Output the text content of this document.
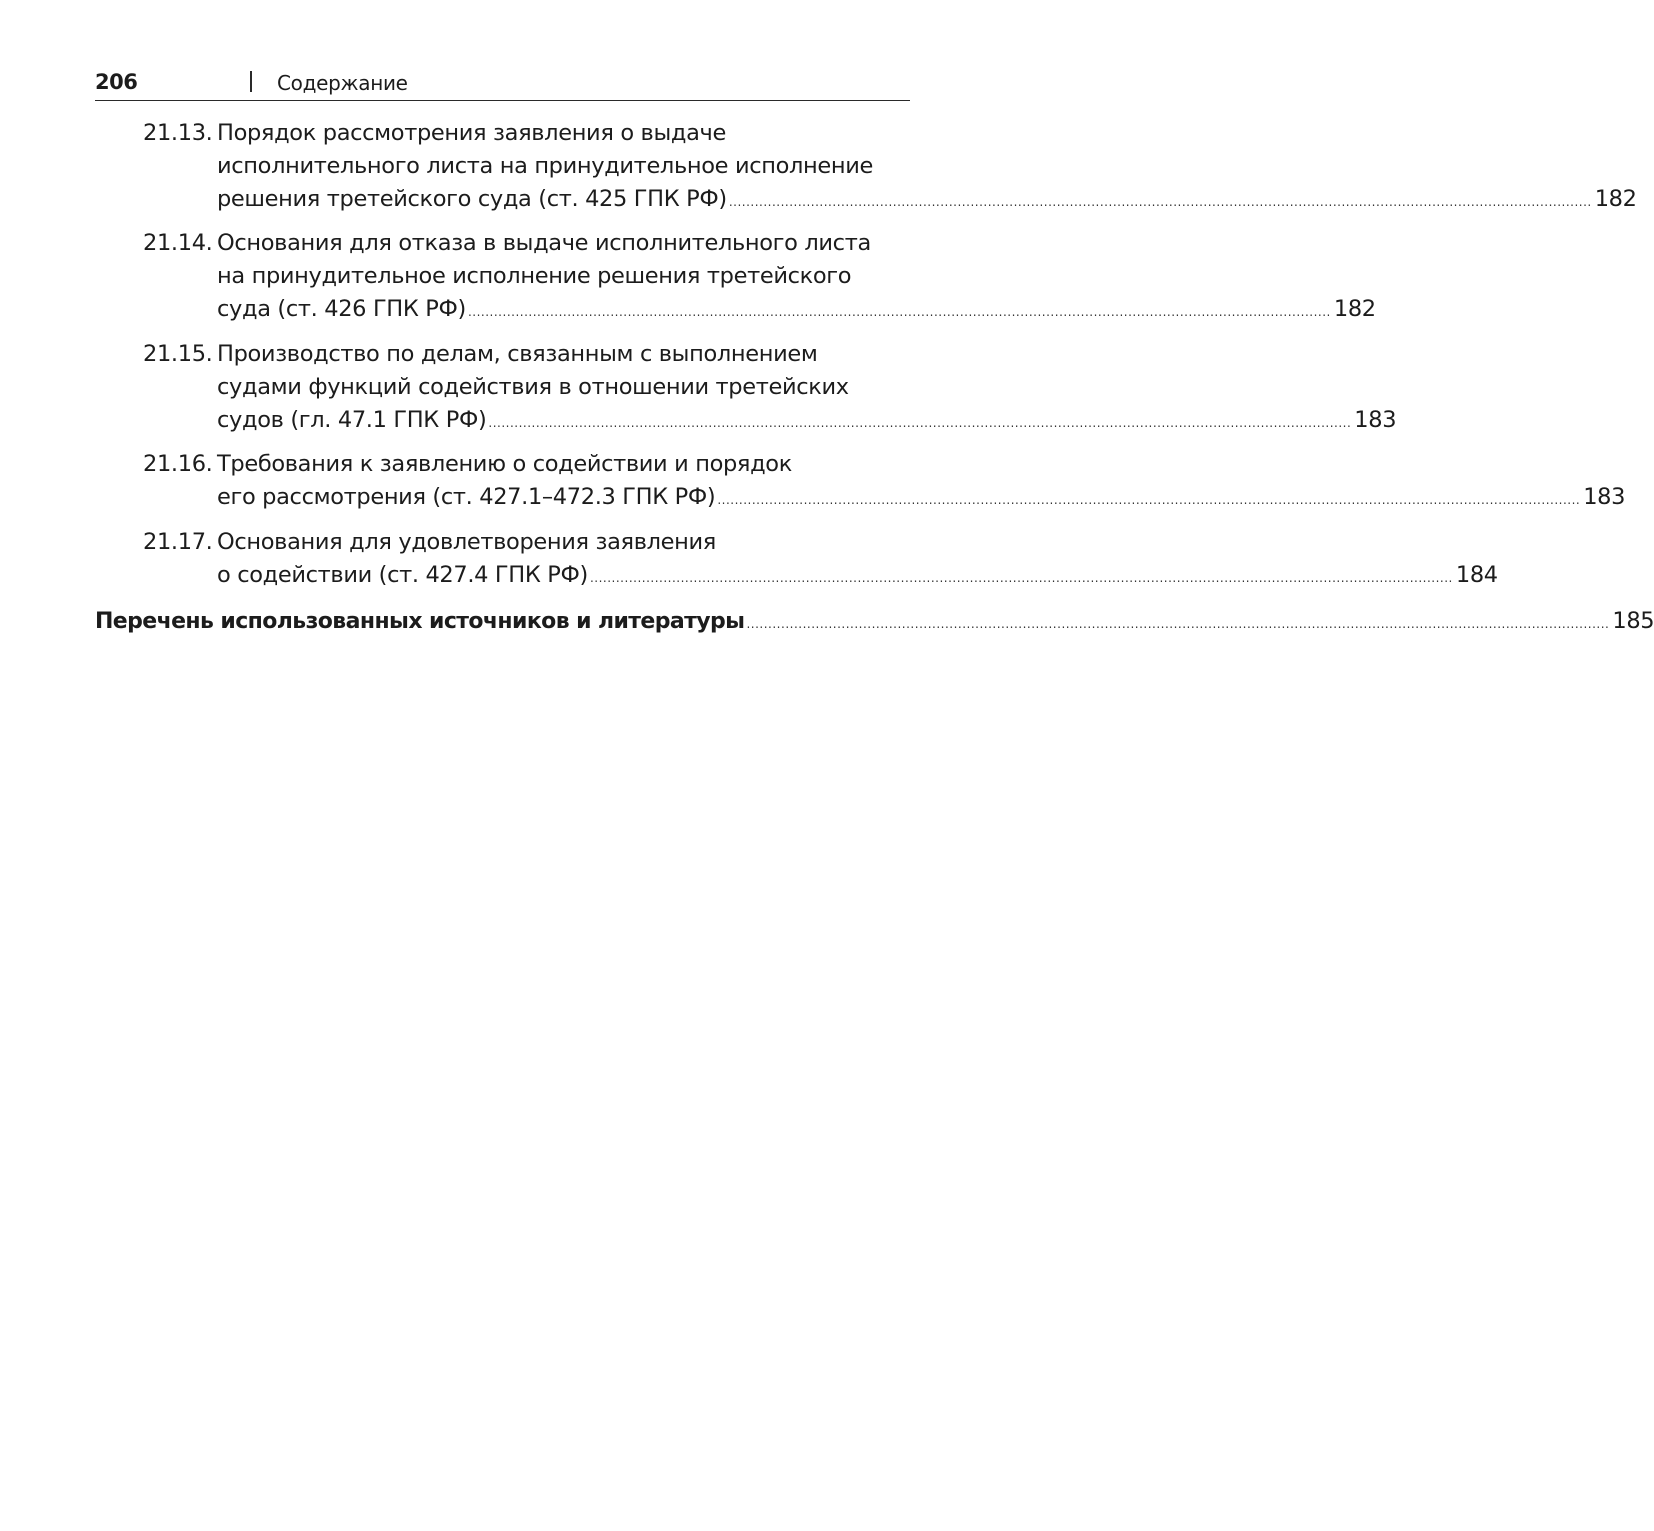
206	Содержание
21.13. Порядок рассмотрения заявления о выдаче
исполнительного листа на принудительное исполнение
решения третейского суда (ст. 425 ГПК РФ) ........................................................................................................................................................................................................ 182
21.14. Основания для отказа в выдаче исполнительного листа
на принудительное исполнение решения третейского
суда (ст. 426 ГПК РФ) ........................................................................................................................................................................................................ 182
21.15. Производство по делам, связанным с выполнением
судами функций содействия в отношении третейских
судов (гл. 47.1 ГПК РФ) ........................................................................................................................................................................................................ 183
21.16. Требования к заявлению о содействии и порядок
его рассмотрения (ст. 427.1–472.3 ГПК РФ) ........................................................................................................................................................................................................ 183
21.17. Основания для удовлетворения заявления
о содействии (ст. 427.4 ГПК РФ) ........................................................................................................................................................................................................ 184
Перечень использованных источников и литературы ........................................................................................................................................................................................................ 185
